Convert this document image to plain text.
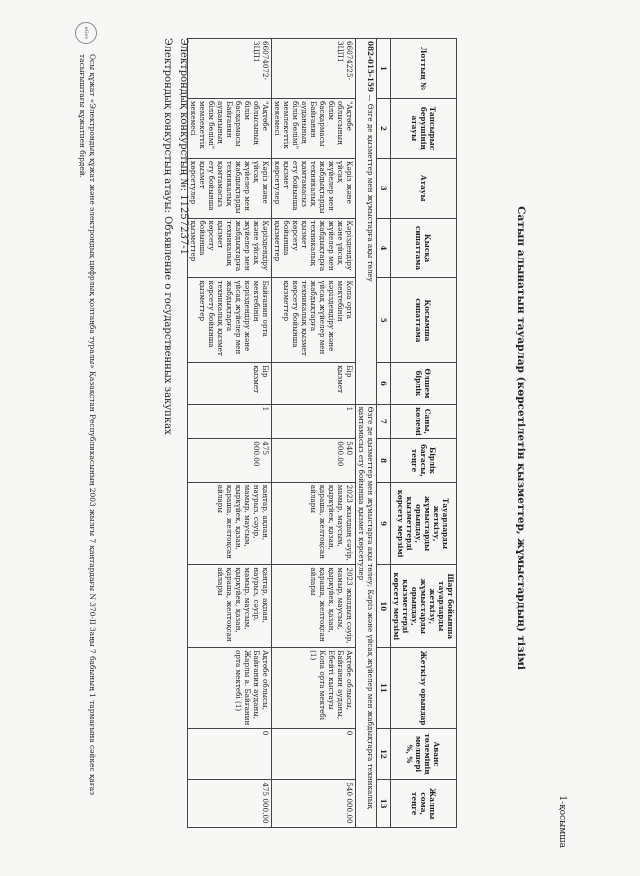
1-қосымша
Сатып алынатын тауарлар (көрсетілетін қызметтер, жұмыстардың) тізімі
Лоттың №	Тапсырыс берушінің атауы	Атауы	Қысқа сипаттама	Қосымша сипаттама	Өлшем бірлік	Саны, көлемі	Бірлік бағасы, теңге	Тауарларды жеткізу, жұмыстарды орындау, қызметтерді көрсету мерзімі	Шарт бойынша тауарларды жеткізу, жұмыстарды орындау, қызметтерді көрсету мерзімі	Жеткізу орындар	Аванс төлемінің мөлшері %, %	Жалпы сома, теңге
1	2	3	4	5	6	7	8	9	10	11	12	13
082-015-159 — Өзге де қызметтер мен жұмыстарға ақы төлеу						Өзге де қызметтер мен жұмыстарға ақы төлеу; Кәріз және үйсақ жүйелер мен жабдықтарға техникалық қамтамасыз ету бойынша қызмет көрсетулер						
66074225-ЗЦП1	"Ақтөбе облысының білім басқармасы Байғанин ауданының білім бөлімі" мемлекеттік мекемесі	Кәріз және үйсақ жүйелер мен жабдықтарды техникалық қамтамасыз ету бойынша қызмет көрсетулер	Кәріздендіру және үйсақ жүйелер мен жабдықтарға техникалық қызмет көрсету бойынша қызметтер	Копа орта мектебінің кәріздендіру және үйсақ жүйелер мен жабдықтарға техникалық қызмет көрсету бойынша қызметтер	Бір қызмет	1	540 000.00	2023 жылдың сәуір, мамыр, маусым, қыркүйек, қазан, қараша, желтоқсан айлары	2023 жылдың сәуір, мамыр, маусым, қыркүйек, қазан, қараша, желтоқсан айлары	Ақтөбе облысы, Байғанин ауданы, Ебейті кыстауы Копа орта мектебі (1)	0	540 000.00
66074072-ЗЦП1	"Ақтөбе облысының білім басқармасы Байғанин ауданының білім бөлімі" мемлекеттік мекемесі	Кәріз және үйсақ жүйелер мен жабдықтарды техникалық қамтамасыз ету бойынша қызмет көрсетулер	Кәріздендіру және үйсақ жүйелер мен жабдықтарға техникалық қызмет көрсету бойынша қызметтер	Байғанин орта мектебінің кәріздендіру және үйсақ жүйелер мен жабдықтарға техникалық қызмет көрсету бойынша қызметтер	Бір қызмет	1	475 000.00	қаңтар, ақпан, наурыз, сәуір, мамыр, маусым, қыркүйек, қазан, қараша, желтоқсан айлары	қаңтар, ақпан, наурыз, сәуір, мамыр, маусым, қыркүйек, қазан, қараша, желтоқсан айлары	Ақтөбе облысы, Байғанин ауданы, Жарлы а. Байғанин орта мектебі (1)	0	475 000.00
Электрондық конкурстың №: 11257237-1
Электрондық конкурстың атауы: Объявление о государственных закупках
eGov
Осы құжат «Электрондық құжат және электрондық цифрлық қолтаңба туралы» Қазақстан Республикасының 2003 жылғы 7 қаңтардағы N 370-II Заңы 7 бабының 1 тармағына сәйкес қағаз тасығыштағы құжатпен бірдей.
